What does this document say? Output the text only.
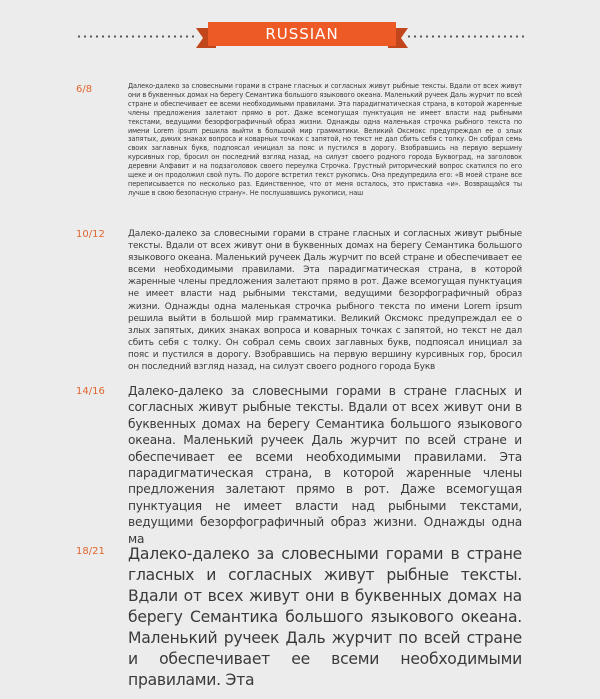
RUSSIAN
6/8	Далеко-далеко за словесными горами в стране гласных и согласных живут рыбные тексты. Вдали от всех живут они в буквенных домах на берегу Семантика большого языкового океана. Маленький ручеек Даль журчит по всей стране и обеспечивает ее всеми необходимыми правилами. Эта парадигматическая страна, в которой жаренные члены предложения залетают прямо в рот. Даже всемогущая пунктуация не имеет власти над рыбными текстами, ведущими безорфографичный образ жизни. Однажды одна маленькая строчка рыбного текста по имени Lorem ipsum решила выйти в большой мир грамматики. Великий Оксмокс предупреждал ее о злых запятых, диких знаках вопроса и коварных точках с запятой, но текст не дал сбить себя с толку. Он собрал семь своих заглавных букв, подпоясал инициал за пояс и пустился в дорогу. Взобравшись на первую вершину курсивных гор, бросил он последний взгляд назад, на силуэт своего родного города Буквоград, на заголовок деревни Алфавит и на подзаголовок своего переулка Строчка. Грустный риторический вопрос скатился по его щеке и он продолжил свой путь. По дороге встретил текст рукопись. Она предупредила его: «В моей стране все переписывается по несколько раз. Единственное, что от меня осталось, это приставка «и». Возвращайся ты лучше в свою безопасную страну». Не послушавшись рукописи, наш

10/12	Далеко-далеко за словесными горами в стране гласных и согласных живут рыбные тексты. Вдали от всех живут они в буквенных домах на берегу Семантика большого языкового океана. Маленький ручеек Даль журчит по всей стране и обеспечивает ее всеми необходимыми правилами. Эта парадигматическая страна, в которой жаренные члены предложения залетают прямо в рот. Даже всемогущая пунктуация не имеет власти над рыбными текстами, ведущими безорфографичный образ жизни. Однажды одна маленькая строчка рыбного текста по имени Lorem ipsum решила выйти в большой мир грамматики. Великий Оксмокс предупреждал ее о злых запятых, диких знаках вопроса и коварных точках с запятой, но текст не дал сбить себя с толку. Он собрал семь своих заглавных букв, подпоясал инициал за пояс и пустился в дорогу. Взобравшись на первую вершину курсивных гор, бросил он последний взгляд назад, на силуэт своего родного города Букв

14/16 Далеко-далеко за словесными горами в стране гласных и согласных живут рыбные тексты. Вдали от всех живут они в буквенных домах на берегу Семантика большого языкового океана. Маленький ручеек Даль журчит по всей стране и обеспечивает ее всеми необходимыми правилами. Эта парадигматическая страна, в которой жаренные члены предложения залетают прямо в рот. Даже всемогущая пунктуация не имеет власти над рыбными текстами, ведущими безорфографичный образ жизни. Однажды одна ма

18/21 Далеко-далеко за словесными горами в стране гласных и согласных живут рыбные тексты. Вдали от всех живут они в буквенных домах на берегу Семантика большого языкового океана. Маленький ручеек Даль журчит по всей стране и обеспечивает ее всеми необходимыми правилами. Эта
